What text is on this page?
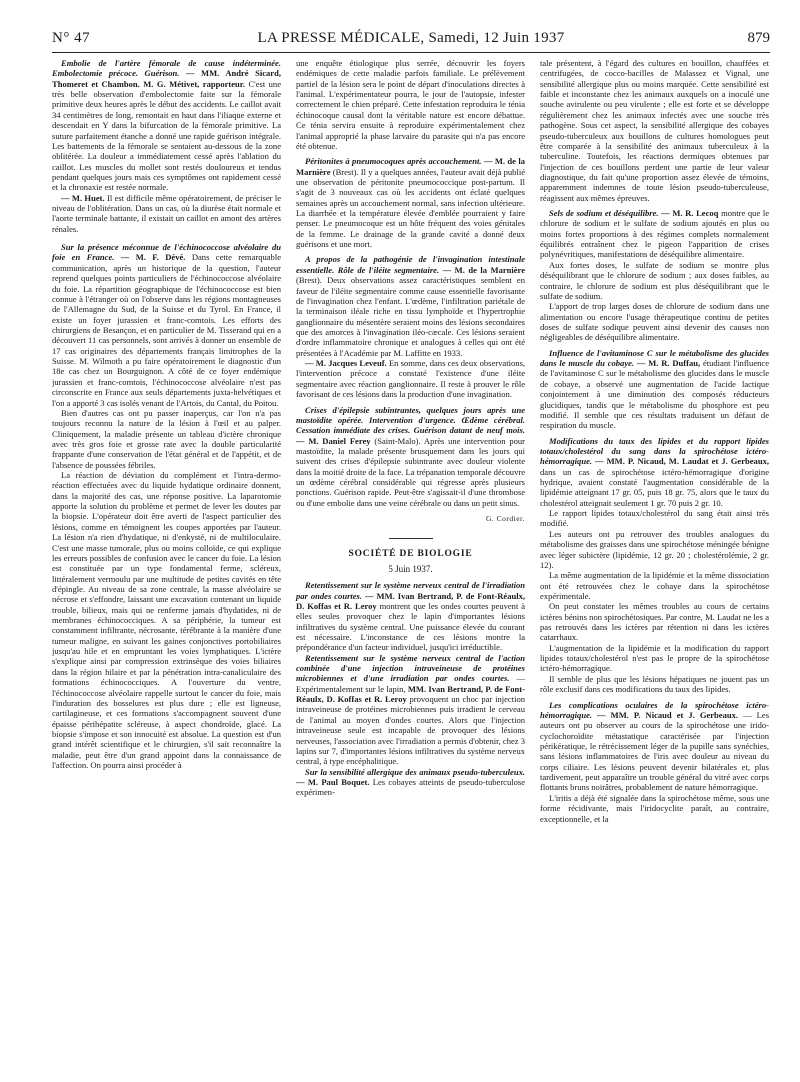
N° 47	LA PRESSE MÉDICALE, Samedi, 12 Juin 1937	879

Embolie de l'artère fémorale de cause indéterminée. Embolectomie précoce. Guérison. — MM. André Sicard, Thomeret et Chambon. M. G. Métivet, rapporteur. C'est une très belle observation d'embolectomie faite sur la fémorale primitive deux heures après le début des accidents. Le caillot avait 34 centimètres de long, remontait en haut dans l'iliaque externe et descendait en Y dans la bifurcation de la fémorale primitive. La suture parfaitement étanche a donné une rapide guérison intégrale. Les battements de la fémorale se sentaient au-dessous de la zone oblitérée. La douleur a immédiatement cessé après l'ablation du caillot. Les muscles du mollet sont restés douloureux et tendus pendant quelques jours mais ces symptômes ont rapidement cessé et la chronaxie est restée normale.

— M. Huet. Il est difficile même opératoirement, de préciser le niveau de l'oblitération. Dans un cas, où la diurèse était normale et l'aorte terminale battante, il existait un caillot en amont des artères rénales.

Sur la présence méconnue de l'échinococcose alvéolaire du foie en France. — M. F. Dévé. Dans cette remarquable communication, après un historique de la question, l'auteur reprend quelques points particuliers de l'échinococcose alvéolaire du foie. La répartition géographique de l'échinococcose est bien connue à l'étranger où on l'observe dans les régions montagneuses de l'Allemagne du Sud, de la Suisse et du Tyrol. En France, il existe un foyer jurassien et franc-comtois. Les efforts des chirurgiens de Besançon, et en particulier de M. Tisserand qui en a découvert 11 cas personnels, sont arrivés à donner un ensemble de 17 cas originaires des départements français limitrophes de la Suisse. M. Wilmoth a pu faire opératoirement le diagnostic d'un 18e cas chez un Bourguignon. A côté de ce foyer endémique jurassien et franc-comtois, l'échinococcose alvéolaire n'est pas circonscrite en France aux seuls départements juxta-helvétiques et l'on a apporté 3 cas isolés venant de l'Artois, du Cantal, du Poitou.

Bien d'autres cas ont pu passer inaperçus, car l'on n'a pas toujours reconnu la nature de la lésion à l'œil et au palper. Cliniquement, la maladie présente un tableau d'ictère chronique avec très gros foie et grosse rate avec la double particularité frappante d'une conservation de l'état général et de l'appétit, et de l'absence de poussées fébriles.

La réaction de déviation du complément et l'intra-dermo-réaction effectuées avec du liquide hydatique ordinaire donnent, dans la majorité des cas, une réponse positive. La laparotomie apporte la solution du problème et permet de lever les doutes par la biopsie. L'opérateur doit être averti de l'aspect particulier des lésions, comme en témoignent les coupes apportées par l'auteur. La lésion n'a rien d'hydatique, ni d'enkysté, ni de multiloculaire. C'est une masse tumorale, plus ou moins colloïde, ce qui explique les erreurs possibles de confusion avec le cancer du foie. La lésion est constituée par un type fondamental ferme, scléreux, littéralement vermoulu par une multitude de petites cavités en tête d'épingle. Au niveau de sa zone centrale, la masse alvéolaire se nécrose et s'effondre, laissant une excavation contenant un liquide trouble, bilieux, mais qui ne renferme jamais d'hydatides, ni de membranes échinococciques. A sa périphérie, la tumeur est constamment infiltrante, nécrosante, térébrante à la manière d'une tumeur maligne, en suivant les gaines conjonctives portobiliaires jusqu'au hile et en empruntant les voies lymphatiques. L'ictère s'explique ainsi par compression extrinsèque des voies biliaires dans la région hilaire et par la pénétration intra-canaliculaire des formations échinococciques. A l'ouverture du ventre, l'échinococcose alvéolaire rappelle surtout le cancer du foie, mais l'induration des bosselures est plus dure ; elle est ligneuse, cartilagineuse, et ces formations s'accompagnent souvent d'une épaisse périhépatite scléreuse, à aspect chondroïde, glacé. La biopsie s'impose et son innocuité est absolue. La question est d'un grand intérêt scientifique et le chirurgien, s'il sait reconnaître la maladie, peut être d'un grand appoint dans la connaissance de l'affection. On pourra ainsi procéder à

une enquête étiologique plus serrée, découvrir les foyers endémiques de cette maladie parfois familiale. Le prélèvement partiel de la lésion sera le point de départ d'inoculations directes à l'animal. L'expérimentateur pourra, le jour de l'autopsie, infester correctement le chien préparé. Cette infestation reproduira le ténia échinocoque causal dont la véritable nature est encore débattue. Ce ténia servira ensuite à reproduire expérimentalement chez l'animal approprié la phase larvaire du parasite qui n'a pas encore été obtenue.

Péritonites à pneumocoques après accouchement. — M. de la Marnière (Brest). Il y a quelques années, l'auteur avait déjà publié une observation de péritonite pneumococcique post-partum. Il s'agit de 3 nouveaux cas où les accidents ont éclaté quelques semaines après un accouchement normal, sans infection ultérieure. La diarrhée et la température élevée d'emblée pourraient y faire penser. Le pneumocoque est un hôte fréquent des voies génitales de la femme. Le drainage de la grande cavité a donné deux guérisons et une mort.

A propos de la pathogénie de l'invagination intestinale essentielle. Rôle de l'iléite segmentaire. — M. de la Marnière (Brest). Deux observations assez caractéristiques semblent en faveur de l'iléite segmentaire comme cause essentielle favorisante de l'invagination chez l'enfant. L'œdème, l'infiltration pariétale de la terminaison iléale riche en tissu lymphoïde et l'hypertrophie ganglionnaire du mésentère seraient moins des lésions secondaires que des amorces à l'invagination iléo-cæcale. Ces lésions seraient d'ordre inflammatoire chronique et analogues à celles qui ont été présentées à l'Académie par M. Laffitte en 1933.

— M. Jacques Leveuf. En somme, dans ces deux observations, l'intervention précoce a constaté l'existence d'une iléite segmentaire avec réaction ganglionnaire. Il reste à prouver le rôle favorisant de ces lésions dans la production d'une invagination.

Crises d'épilepsie subintrantes, quelques jours après une mastoïdite opérée. Intervention d'urgence. Œdème cérébral. Cessation immédiate des crises. Guérison datant de neuf mois. — M. Daniel Ferey (Saint-Malo). Après une intervention pour mastoïdite, la malade présente brusquement dans les jours qui suivent des crises d'épilepsie subintrante avec douleur violente dans la moitié droite de la face. La trépanation temporale découvre un œdème cérébral considérable qui régresse après plusieurs ponctions. Guérison rapide. Peut-être s'agissait-il d'une thrombose ou d'une embolie dans une veine cérébrale ou dans un petit sinus.

G. Cordier.
SOCIÉTÉ DE BIOLOGIE
5 Juin 1937.

Retentissement sur le système nerveux central de l'irradiation par ondes courtes. — MM. Ivan Bertrand, P. de Font-Réaulx, D. Koffas et R. Leroy montrent que les ondes courtes peuvent à elles seules provoquer chez le lapin d'importantes lésions infiltratives du système central. Une puissance élevée du courant est nécessaire. L'inconstance de ces lésions montre la prépondérance d'un facteur individuel, jusqu'ici irréductible.

Retentissement sur le système nerveux central de l'action combinée d'une injection intraveineuse de protéines microbiennes et d'une irradiation par ondes courtes. — Expérimentalement sur le lapin, MM. Ivan Bertrand, P. de Font-Réaulx, D. Koffas et R. Leroy provoquent un choc par injection intraveineuse de protéines microbiennes puis irradient le cerveau de l'animal au moyen d'ondes courtes. Alors que l'injection intraveineuse seule est incapable de provoquer des lésions nerveuses, l'association avec l'irradiation a permis d'obtenir, chez 3 lapins sur 7, d'importantes lésions infiltratives du système nerveux central, à type encéphalitique.

Sur la sensibilité allergique des animaux pseudo-tuberculeux. — M. Paul Boquet. Les cobayes atteints de pseudo-tuberculose expérimen-

tale présentent, à l'égard des cultures en bouillon, chauffées et centrifugées, de cocco-bacilles de Malassez et Vignal, une sensibilité allergique plus ou moins marquée. Cette sensibilité est faible et inconstante chez les animaux auxquels on a inoculé une souche avirulente ou peu virulente ; elle est forte et se développe régulièrement chez les animaux infectés avec une souche très pathogène. Sous cet aspect, la sensibilité allergique des cobayes pseudo-tuberculeux aux bouillons de cultures homologues peut être comparée à la sensibilité des animaux tuberculeux à la tuberculine. Toutefois, les réactions dermiques obtenues par l'injection de ces bouillons perdent une partie de leur valeur diagnostique, du fait qu'une proportion assez élevée de témoins, apparemment indemnes de toute lésion pseudo-tuberculeuse, réagissent aux mêmes épreuves.

Sels de sodium et déséquilibre. — M. R. Lecoq montre que le chlorure de sodium et le sulfate de sodium ajoutés en plus ou moins fortes proportions à des régimes complets normalement équilibrés entraînent chez le pigeon l'apparition de crises polynévritiques, manifestations de déséquilibre alimentaire.

Aux fortes doses, le sulfate de sodium se montre plus déséquilibrant que le chlorure de sodium ; aux doses faibles, au contraire, le chlorure de sodium est plus déséquilibrant que le sulfate de sodium.

L'apport de trop larges doses de chlorure de sodium dans une alimentation ou encore l'usage thérapeutique continu de petites doses de sulfate sodique peuvent ainsi devenir des causes non négligeables de déséquilibre alimentaire.

Influence de l'avitaminose C sur le métabolisme des glucides dans le muscle du cobaye. — M. R. Duffau, étudiant l'influence de l'avitaminose C sur le métabolisme des glucides dans le muscle de cobaye, a observé une augmentation de l'acide lactique conjointement à une diminution des composés réducteurs glucidiques, tandis que le métabolisme du phosphore est peu modifié. Il semble que ces résultats traduisent un défaut de respiration du muscle.

Modifications du taux des lipides et du rapport lipides totaux/cholestérol du sang dans la spirochétose ictéro-hémorragique. — MM. P. Nicaud, M. Laudat et J. Gerbeaux, dans un cas de spirochétose ictéro-hémorragique d'origine hydrique, avaient constaté l'augmentation considérable de la lipidémie atteignant 17 gr. 05, puis 18 gr. 75, alors que le taux du cholestérol atteignait seulement 1 gr. 70 puis 2 gr. 10.

Le rapport lipides totaux/cholestérol du sang était ainsi très modifié.

Les auteurs ont pu retrouver des troubles analogues du métabolisme des graisses dans une spirochétose méningée bénigne avec léger subictère (lipidémie, 12 gr. 20 ; cholestérolémie, 2 gr. 12).

La même augmentation de la lipidémie et la même dissociation ont été retrouvées chez le cobaye dans la spirochétose expérimentale.

On peut constater les mêmes troubles au cours de certains ictères bénins non spirochétosiques. Par contre, M. Laudat ne les a pas retrouvés dans les ictères par rétention ni dans les ictères catarrhaux.

L'augmentation de la lipidémie et la modification du rapport lipides totaux/cholestérol n'est pas le propre de la spirochétose ictéro-hémorragique.

Il semble de plus que les lésions hépatiques ne jouent pas un rôle exclusif dans ces modifications du taux des lipides.

Les complications oculaires de la spirochétose ictéro-hémorragique. — MM. P. Nicaud et J. Gerbeaux. — Les auteurs ont pu observer au cours de la spirochétose une irido-cyclochoroïdite métastatique caractérisée par l'injection périkératique, le rétrécissement léger de la pupille sans synéchies, sans lésions inflammatoires de l'iris avec douleur au niveau du corps ciliaire. Les lésions peuvent devenir bilatérales et, plus tardivement, peut apparaître un trouble général du vitré avec corps flottants bruns noirâtres, probablement de nature hémorragique.

L'iritis a déjà été signalée dans la spirochétose même, sous une forme récidivante, mais l'iridocyclite paraît, au contraire, exceptionnelle, et la
